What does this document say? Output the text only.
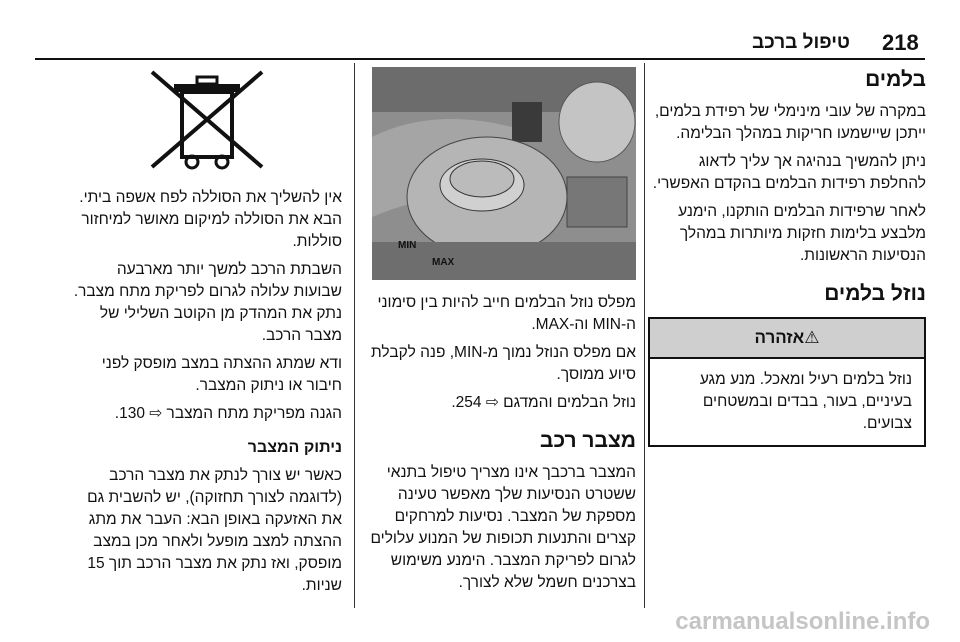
218
טיפול ברכב
בלמים

במקרה של עובי מינימלי של רפידת בלמים, ייתכן שיישמעו חריקות במהלך הבלימה.

ניתן להמשיך בנהיגה אך עליך לדאוג להחלפת רפידות הבלמים בהקדם האפשרי.

לאחר שרפידות הבלמים הותקנו, הימנע מלבצע בלימות חזקות מיותרות במהלך הנסיעות הראשונות.

נוזל בלמים
⚠אזהרה
נוזל בלמים רעיל ומאכל. מנע מגע בעיניים, בעור, בבדים ובמשטחים צבועים.
MAX
MIN

מפלס נוזל הבלמים חייב להיות בין סימוני ה-MIN וה-MAX.

אם מפלס הנוזל נמוך מ-MIN, פנה לקבלת סיוע ממוסך.

נוזל הבלמים והמדגם ⇨ 254.

מצבר רכב

המצבר ברכבך אינו מצריך טיפול בתנאי ששטרט הנסיעות שלך מאפשר טעינה מספקת של המצבר. נסיעות למרחקים קצרים והתנעות תכופות של המנוע עלולים לגרום לפריקת המצבר. הימנע משימוש בצרכנים חשמל שלא לצורך.

אין להשליך את הסוללה לפח אשפה ביתי. הבא את הסוללה למיקום מאושר למיחזור סוללות.

השבתת הרכב למשך יותר מארבעה שבועות עלולה לגרום לפריקת מתח מצבר. נתק את המהדק מן הקוטב השלילי של מצבר הרכב.

ודא שמתג ההצתה במצב מופסק לפני חיבור או ניתוק המצבר.

הגנה מפריקת מתח המצבר ⇨ 130.

ניתוק המצבר

כאשר יש צורך לנתק את מצבר הרכב (לדוגמה לצורך תחזוקה), יש להשבית גם את האזעקה באופן הבא: העבר את מתג ההצתה למצב מופעל ולאחר מכן במצב מופסק, ואז נתק את מצבר הרכב תוך 15 שניות.

carmanualsonline.info
